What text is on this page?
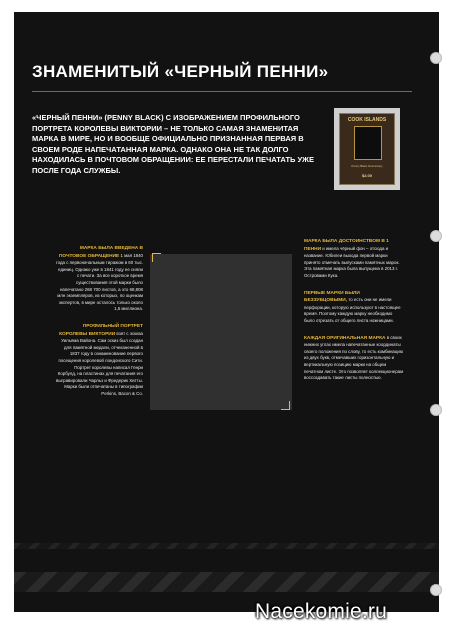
ЗНАМЕНИТЫЙ «ЧЕРНЫЙ ПЕННИ»
«ЧЕРНЫЙ ПЕННИ» (PENNY BLACK) С ИЗОБРАЖЕНИЕМ ПРОФИЛЬНОГО ПОРТРЕТА КОРОЛЕВЫ ВИКТОРИИ – НЕ ТОЛЬКО САМАЯ ЗНАМЕНИТАЯ МАРКА В МИРЕ, НО И ВООБЩЕ ОФИЦИАЛЬНО ПРИЗНАННАЯ ПЕРВАЯ В СВОЕМ РОДЕ НАПЕЧАТАННАЯ МАРКА. ОДНАКО ОНА НЕ ТАК ДОЛГО НАХОДИЛАСЬ В ПОЧТОВОМ ОБРАЩЕНИИ: ЕЕ ПЕРЕСТАЛИ ПЕЧАТАТЬ УЖЕ ПОСЛЕ ГОДА СЛУЖБЫ.
COOK ISLANDS
Penny Black Anniversary
$2.00

МАРКА БЫЛА ВВЕДЕНА В ПОЧТОВОЕ ОБРАЩЕНИЕ 1 мая 1840 года с первоначальным тиражом в 60 тыс. единиц. Однако уже в 1841 году ее сняли с печати. За все короткое время существования этой марки было напечатано 268 700 листов, а это 68,808 млн экземпляров, из которых, по оценкам экспертов, в мире осталось только около 1,5 миллиона.

ПРОФИЛЬНЫЙ ПОРТРЕТ КОРОЛЕВЫ ВИКТОРИИ взят с эскиза Уильяма Вайона. Сам эскиз был создан для памятной медали, отчеканенной в 1837 году в ознаменование первого посещения королевой лондонского Сити. Портрет королевы написал Генри Корбулд, на пластинах для печатания его выгравировали Чарльз и Фредерик Хитты. Марки были отпечатаны в типографии Perkins, Bacon & Co.

МАРКА БЫЛА ДОСТОИНСТВОМ В 1 ПЕННИ и имела чёрный фон – отсюда и название. Юбилеи выхода первой марки принято отмечать выпусками памятных марок. Эта памятная марка была выпущена в 2013 г. Островами Кука.

ПЕРВЫЕ МАРКИ БЫЛИ БЕЗЗУБЦОВЫМИ, то есть они не имели перфорации, которую используют в настоящее время. Поэтому каждую марку необходимо было отрезать от общего листа ножницами.

КАЖДАЯ ОРИГИНАЛЬНАЯ МАРКА в своих нижних углах имела напечатанные координаты своего положения по слову, то есть комбинацию из двух букв, отмечавших горизонтальную и вертикальную позицию марки на общем печатном листе. Это позволяет коллекционерам воссоздавать такие листы полностью.

Nacekomie.ru
